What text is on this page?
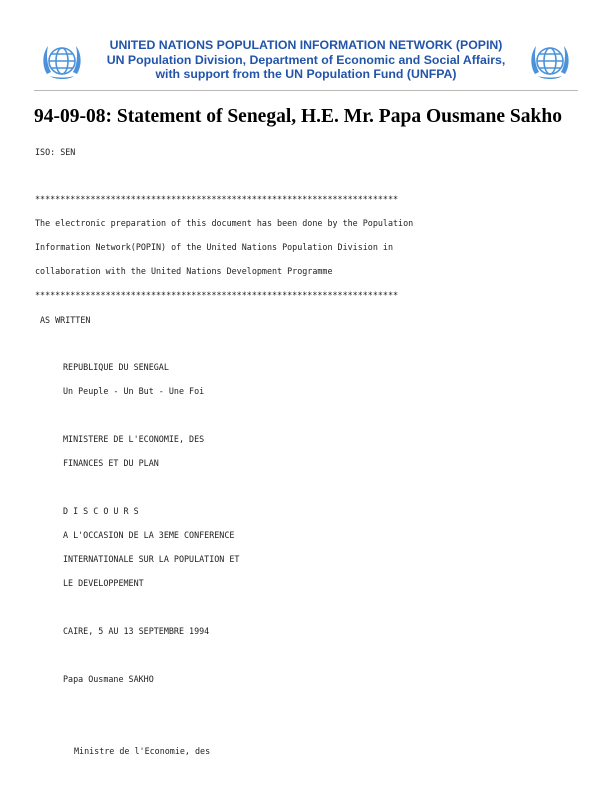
UNITED NATIONS POPULATION INFORMATION NETWORK (POPIN)
UN Population Division, Department of Economic and Social Affairs,
with support from the UN Population Fund (UNFPA)
94-09-08: Statement of Senegal, H.E. Mr. Papa Ousmane Sakho
ISO: SEN
************************************************************************
The electronic preparation of this document has been done by the Population
Information Network(POPIN) of the United Nations Population Division in
collaboration with the United Nations Development Programme
************************************************************************
AS WRITTEN
REPUBLIQUE DU SENEGAL
Un Peuple - Un But - Une Foi
MINISTERE DE L'ECONOMIE, DES
FINANCES ET DU PLAN
D I S C O U R S
A L'OCCASION DE LA 3EME CONFERENCE
INTERNATIONALE SUR LA POPULATION ET
LE DEVELOPPEMENT
CAIRE, 5 AU 13 SEPTEMBRE 1994
Papa Ousmane SAKHO
Ministre de l'Economie, des
